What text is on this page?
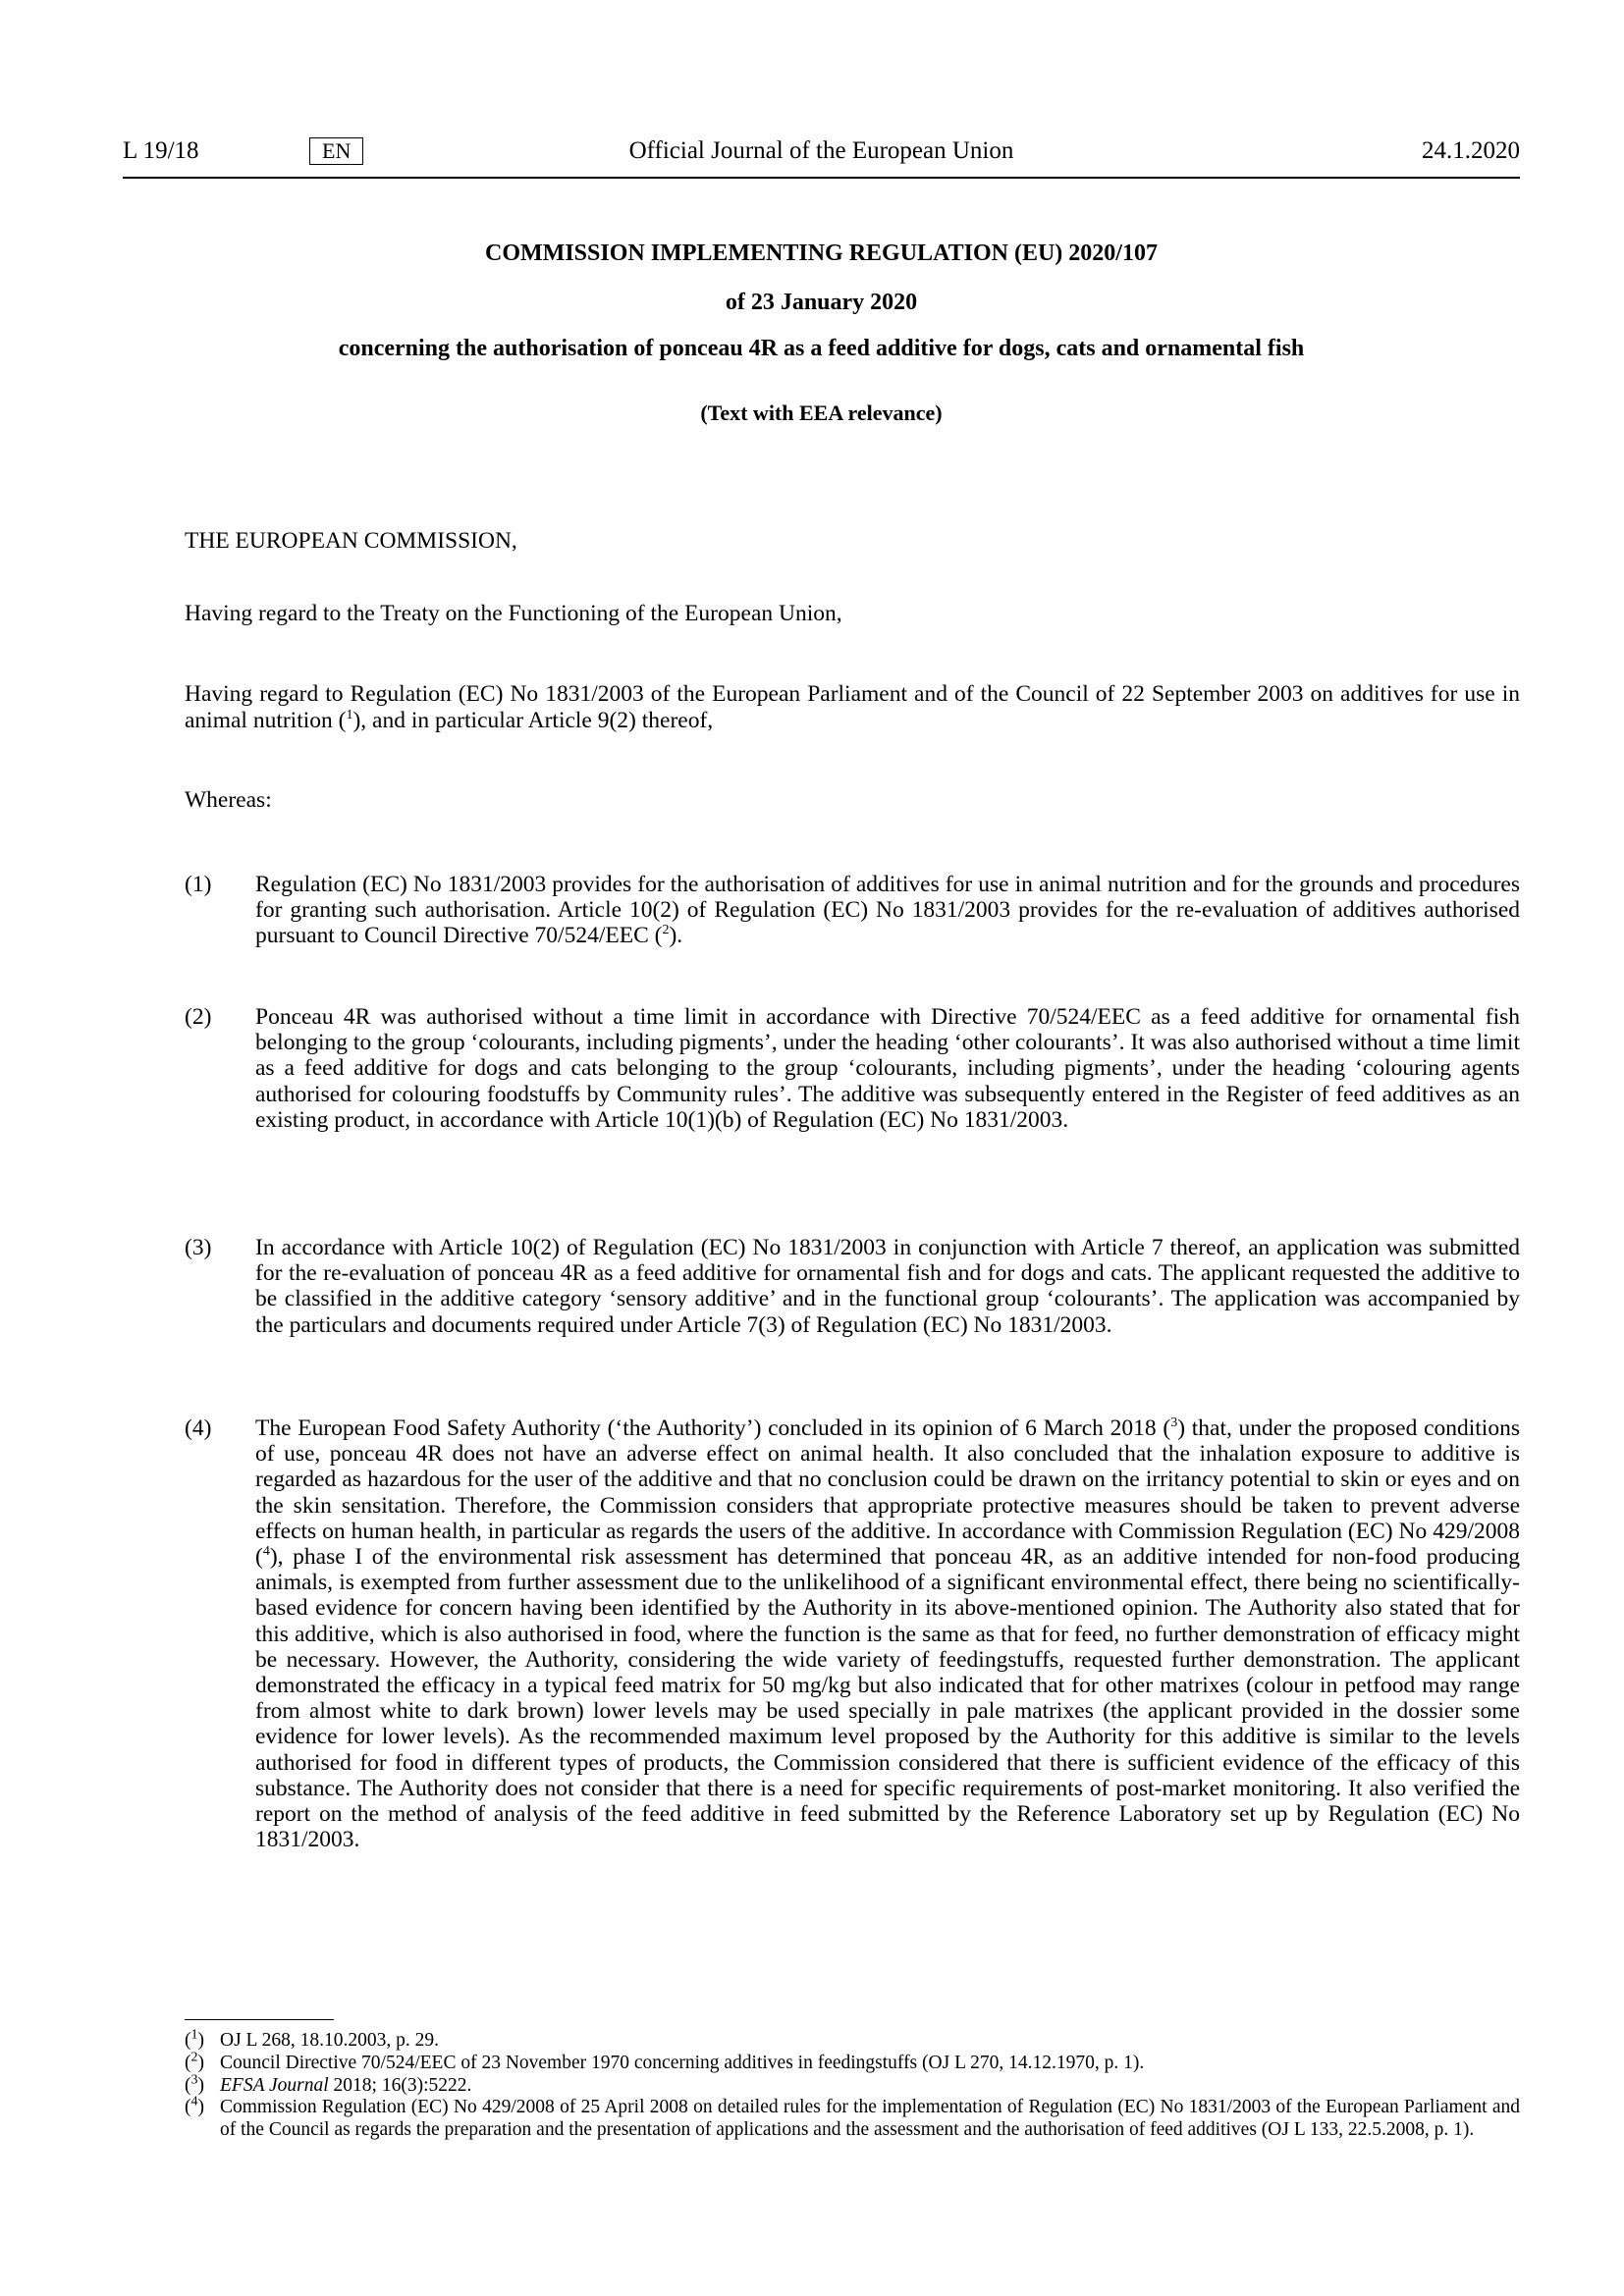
L 19/18	EN	Official Journal of the European Union	24.1.2020
COMMISSION IMPLEMENTING REGULATION (EU) 2020/107
of 23 January 2020
concerning the authorisation of ponceau 4R as a feed additive for dogs, cats and ornamental fish
(Text with EEA relevance)
THE EUROPEAN COMMISSION,
Having regard to the Treaty on the Functioning of the European Union,
Having regard to Regulation (EC) No 1831/2003 of the European Parliament and of the Council of 22 September 2003 on additives for use in animal nutrition ($^1$), and in particular Article 9(2) thereof,
Whereas:
(1) Regulation (EC) No 1831/2003 provides for the authorisation of additives for use in animal nutrition and for the grounds and procedures for granting such authorisation. Article 10(2) of Regulation (EC) No 1831/2003 provides for the re-evaluation of additives authorised pursuant to Council Directive 70/524/EEC ($^2$).
(2) Ponceau 4R was authorised without a time limit in accordance with Directive 70/524/EEC as a feed additive for ornamental fish belonging to the group ‘colourants, including pigments’, under the heading ‘other colourants’. It was also authorised without a time limit as a feed additive for dogs and cats belonging to the group ‘colourants, including pigments’, under the heading ‘colouring agents authorised for colouring foodstuffs by Community rules’. The additive was subsequently entered in the Register of feed additives as an existing product, in accordance with Article 10(1)(b) of Regulation (EC) No 1831/2003.
(3) In accordance with Article 10(2) of Regulation (EC) No 1831/2003 in conjunction with Article 7 thereof, an application was submitted for the re-evaluation of ponceau 4R as a feed additive for ornamental fish and for dogs and cats. The applicant requested the additive to be classified in the additive category ‘sensory additive’ and in the functional group ‘colourants’. The application was accompanied by the particulars and documents required under Article 7(3) of Regulation (EC) No 1831/2003.
(4) The European Food Safety Authority (‘the Authority’) concluded in its opinion of 6 March 2018 ($^3$) that, under the proposed conditions of use, ponceau 4R does not have an adverse effect on animal health. It also concluded that the inhalation exposure to additive is regarded as hazardous for the user of the additive and that no conclusion could be drawn on the irritancy potential to skin or eyes and on the skin sensitation. Therefore, the Commission considers that appropriate protective measures should be taken to prevent adverse effects on human health, in particular as regards the users of the additive. In accordance with Commission Regulation (EC) No 429/2008 ($^4$), phase I of the environmental risk assessment has determined that ponceau 4R, as an additive intended for non-food producing animals, is exempted from further assessment due to the unlikelihood of a significant environmental effect, there being no scientifically-based evidence for concern having been identified by the Authority in its above-mentioned opinion. The Authority also stated that for this additive, which is also authorised in food, where the function is the same as that for feed, no further demonstration of efficacy might be necessary. However, the Authority, considering the wide variety of feedingstuffs, requested further demonstration. The applicant demonstrated the efficacy in a typical feed matrix for 50 mg/kg but also indicated that for other matrixes (colour in petfood may range from almost white to dark brown) lower levels may be used specially in pale matrixes (the applicant provided in the dossier some evidence for lower levels). As the recommended maximum level proposed by the Authority for this additive is similar to the levels authorised for food in different types of products, the Commission considered that there is sufficient evidence of the efficacy of this substance. The Authority does not consider that there is a need for specific requirements of post-market monitoring. It also verified the report on the method of analysis of the feed additive in feed submitted by the Reference Laboratory set up by Regulation (EC) No 1831/2003.
($^1$) OJ L 268, 18.10.2003, p. 29.
($^2$) Council Directive 70/524/EEC of 23 November 1970 concerning additives in feedingstuffs (OJ L 270, 14.12.1970, p. 1).
($^3$) EFSA Journal 2018; 16(3):5222.
($^4$) Commission Regulation (EC) No 429/2008 of 25 April 2008 on detailed rules for the implementation of Regulation (EC) No 1831/2003 of the European Parliament and of the Council as regards the preparation and the presentation of applications and the assessment and the authorisation of feed additives (OJ L 133, 22.5.2008, p. 1).
